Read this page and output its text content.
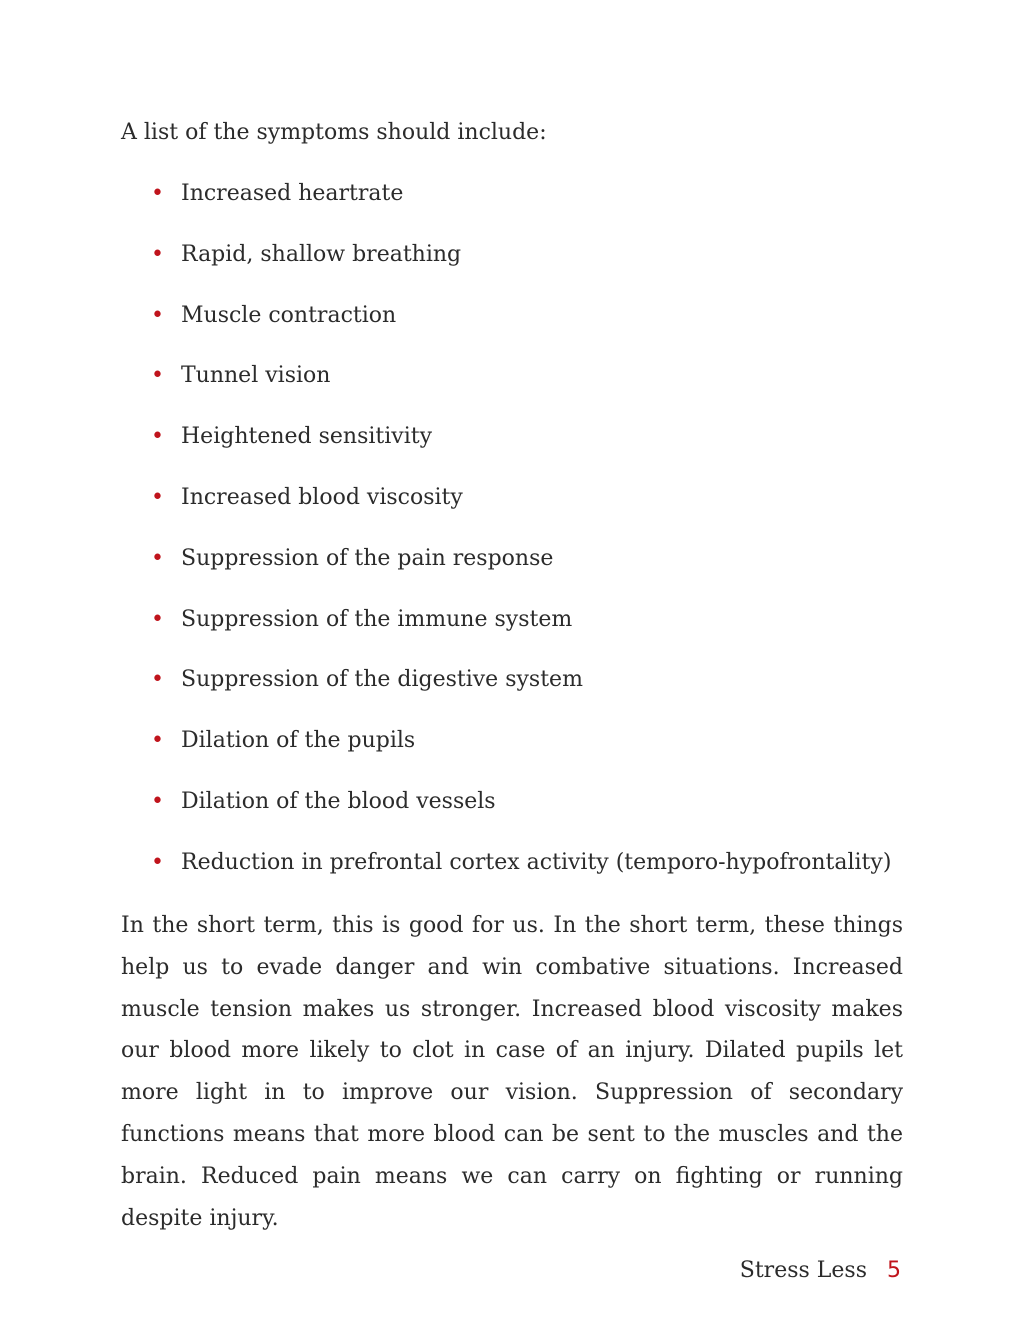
A list of the symptoms should include:

• Increased heartrate
• Rapid, shallow breathing
• Muscle contraction
• Tunnel vision
• Heightened sensitivity
• Increased blood viscosity
• Suppression of the pain response
• Suppression of the immune system
• Suppression of the digestive system
• Dilation of the pupils
• Dilation of the blood vessels
• Reduction in prefrontal cortex activity (temporo-hypofrontality)

In the short term, this is good for us. In the short term, these things help us to evade danger and win combative situations. Increased muscle tension makes us stronger. Increased blood viscosity makes our blood more likely to clot in case of an injury. Dilated pupils let more light in to improve our vision. Suppression of secondary functions means that more blood can be sent to the muscles and the brain. Reduced pain means we can carry on fighting or running despite injury.

Stress Less 5
